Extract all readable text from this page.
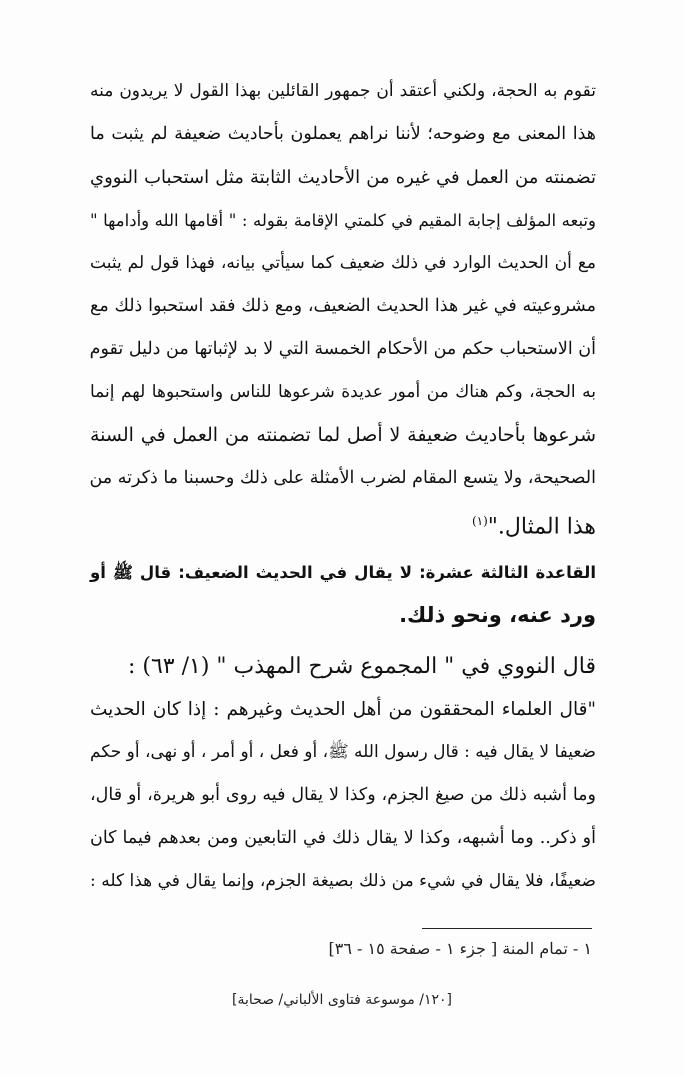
تقوم به الحجة، ولكني أعتقد أن جمهور القائلين بهذا القول لا يريدون منه
هذا المعنى مع وضوحه؛ لأننا نراهم يعملون بأحاديث ضعيفة لم يثبت ما
تضمنته من العمل في غيره من الأحاديث الثابتة مثل استحباب النووي
وتبعه المؤلف إجابة المقيم في كلمتي الإقامة بقوله : " أقامها الله وأدامها "
مع أن الحديث الوارد في ذلك ضعيف كما سيأتي بيانه، فهذا قول لم يثبت
مشروعيته في غير هذا الحديث الضعيف، ومع ذلك فقد استحبوا ذلك مع
أن الاستحباب حكم من الأحكام الخمسة التي لا بد لإثباتها من دليل تقوم
به الحجة، وكم هناك من أمور عديدة شرعوها للناس واستحبوها لهم إنما
شرعوها بأحاديث ضعيفة لا أصل لما تضمنته من العمل في السنة
الصحيحة، ولا يتسع المقام لضرب الأمثلة على ذلك وحسبنا ما ذكرته من
هذا المثال."$^{(١)}$
القاعدة الثالثة عشرة: لا يقال في الحديث الضعيف: قال ﷺ أو
ورد عنه، ونحو ذلك.
قال النووي في " المجموع شرح المهذب " (١/ ٦٣) :
"قال العلماء المحققون من أهل الحديث وغيرهم : إذا كان الحديث
ضعيفا لا يقال فيه : قال رسول الله ﷺ، أو فعل ، أو أمر ، أو نهى، أو حكم
وما أشبه ذلك من صيغ الجزم، وكذا لا يقال فيه روى أبو هريرة، أو قال،
أو ذكر.. وما أشبهه، وكذا لا يقال ذلك في التابعين ومن بعدهم فيما كان
ضعيفًا، فلا يقال في شيء من ذلك بصيغة الجزم، وإنما يقال في هذا كله :
١ - تمام المنة [ جزء ١ - صفحة ١٥ - ٣٦]
[١٢٠/ موسوعة فتاوى الألباني/ صحابة]
